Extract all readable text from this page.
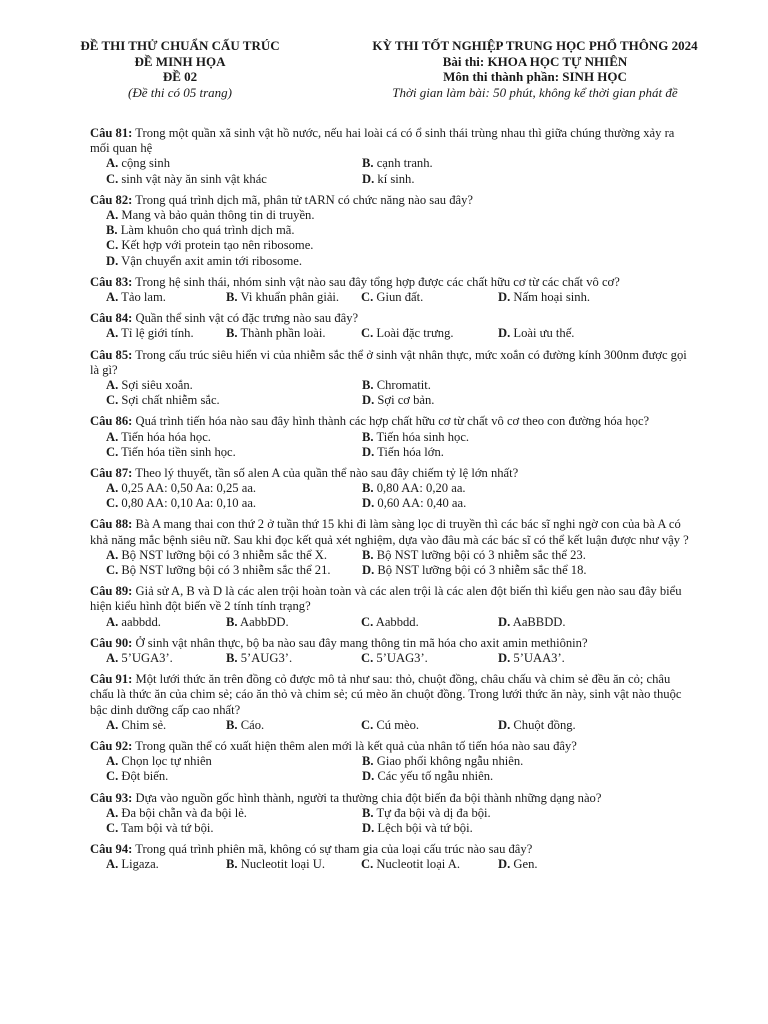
ĐỀ THI THỬ CHUẨN CẤU TRÚC
ĐỀ MINH HỌA
ĐỀ 02
(Đề thi có 05 trang)
KỲ THI TỐT NGHIỆP TRUNG HỌC PHỔ THÔNG 2024
Bài thi: KHOA HỌC TỰ NHIÊN
Môn thi thành phần: SINH HỌC
Thời gian làm bài: 50 phút, không kể thời gian phát đề
Câu 81: Trong một quần xã sinh vật hồ nước, nếu hai loài cá có ổ sinh thái trùng nhau thì giữa chúng thường xảy ra mối quan hệ
A. cộng sinh	B. cạnh tranh.
C. sinh vật này ăn sinh vật khác	D. kí sinh.
Câu 82: Trong quá trình dịch mã, phân tử tARN có chức năng nào sau đây?
A. Mang và bảo quản thông tin di truyền.
B. Làm khuôn cho quá trình dịch mã.
C. Kết hợp với protein tạo nên ribosome.
D. Vận chuyển axit amin tới ribosome.
Câu 83: Trong hệ sinh thái, nhóm sinh vật nào sau đây tổng hợp được các chất hữu cơ từ các chất vô cơ?
A. Tảo lam.	B. Vi khuẩn phân giải. C. Giun đất.	D. Nấm hoại sinh.
Câu 84: Quần thể sinh vật có đặc trưng nào sau đây?
A. Tỉ lệ giới tính.	B. Thành phần loài.	C. Loài đặc trưng.	D. Loài ưu thế.
Câu 85: Trong cấu trúc siêu hiển vi của nhiễm sắc thể ở sinh vật nhân thực, mức xoắn có đường kính 300nm được gọi là gì?
A. Sợi siêu xoắn.	B. Chromatit.
C. Sợi chất nhiễm sắc.	D. Sợi cơ bản.
Câu 86: Quá trình tiến hóa nào sau đây hình thành các hợp chất hữu cơ từ chất vô cơ theo con đường hóa học?
A. Tiến hóa hóa học.	B. Tiến hóa sinh học.
C. Tiến hóa tiền sinh học.	D. Tiến hóa lớn.
Câu 87: Theo lý thuyết, tần số alen A của quần thể nào sau đây chiếm tỷ lệ lớn nhất?
A. 0,25 AA: 0,50 Aa: 0,25 aa.	B. 0,80 AA: 0,20 aa.
C. 0,80 AA: 0,10 Aa: 0,10 aa.	D. 0,60 AA: 0,40 aa.
Câu 88: Bà A mang thai con thứ 2 ở tuần thứ 15 khi đi làm sàng lọc di truyền thì các bác sĩ nghi ngờ con của bà A có khả năng mắc bệnh siêu nữ. Sau khi đọc kết quả xét nghiệm, dựa vào đâu mà các bác sĩ có thể kết luận được như vậy ?
A. Bộ NST lưỡng bội có 3 nhiễm sắc thể X.	B. Bộ NST lưỡng bội có 3 nhiễm sắc thể 23.
C. Bộ NST lưỡng bội có 3 nhiễm sắc thể 21. D. Bộ NST lưỡng bội có 3 nhiễm sắc thể 18.
Câu 89: Giả sử A, B và D là các alen trội hoàn toàn và các alen trội là các alen đột biến thì kiểu gen nào sau đây biểu hiện kiểu hình đột biến về 2 tính tính trạng?
A. aabbdd.	B. AabbDD.	C. Aabbdd.	D. AaBBDD.
Câu 90: Ở sinh vật nhân thực, bộ ba nào sau đây mang thông tin mã hóa cho axit amin methiônin?
A. 5’UGA3’.	B. 5’AUG3’.	C. 5’UAG3’.	D. 5’UAA3’.
Câu 91: Một lưới thức ăn trên đồng cỏ được mô tả như sau: thỏ, chuột đồng, châu chấu và chim sẻ đều ăn cỏ; châu chấu là thức ăn của chim sẻ; cáo ăn thỏ và chim sẻ; cú mèo ăn chuột đồng. Trong lưới thức ăn này, sinh vật nào thuộc bậc dinh dưỡng cấp cao nhất?
A. Chim sẻ.	B. Cáo.	C. Cú mèo.	D. Chuột đồng.
Câu 92: Trong quần thể có xuất hiện thêm alen mới là kết quả của nhân tố tiến hóa nào sau đây?
A. Chọn lọc tự nhiên	B. Giao phối không ngẫu nhiên.
C. Đột biến.	D. Các yếu tố ngẫu nhiên.
Câu 93: Dựa vào nguồn gốc hình thành, người ta thường chia đột biến đa bội thành những dạng nào?
A. Đa bội chẵn và đa bội lẻ.	B. Tự đa bội và dị đa bội.
C. Tam bội và tứ bội.	D. Lệch bội và tứ bội.
Câu 94: Trong quá trình phiên mã, không có sự tham gia của loại cấu trúc nào sau đây?
A. Ligaza.	B. Nucleotit loại U.	C. Nucleotit loại A.	D. Gen.
